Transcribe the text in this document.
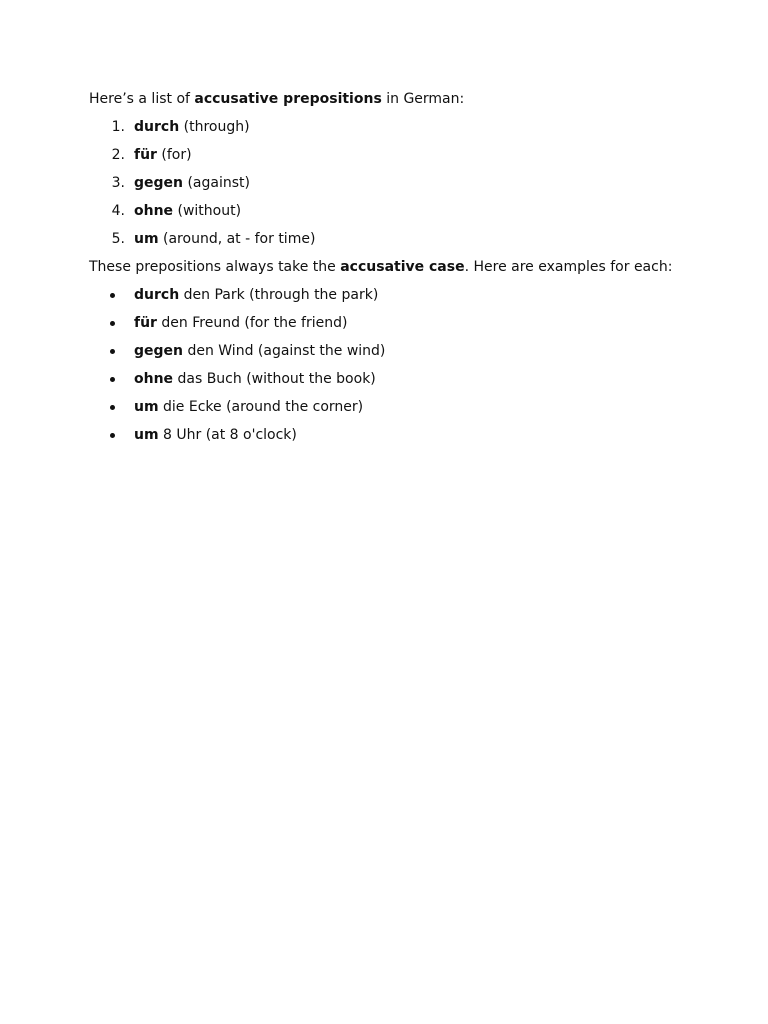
Here’s a list of accusative prepositions in German:

1. durch (through)
2. für (for)
3. gegen (against)
4. ohne (without)
5. um (around, at - for time)

These prepositions always take the accusative case. Here are examples for each:

durch den Park (through the park)
für den Freund (for the friend)
gegen den Wind (against the wind)
ohne das Buch (without the book)
um die Ecke (around the corner)
um 8 Uhr (at 8 o'clock)
